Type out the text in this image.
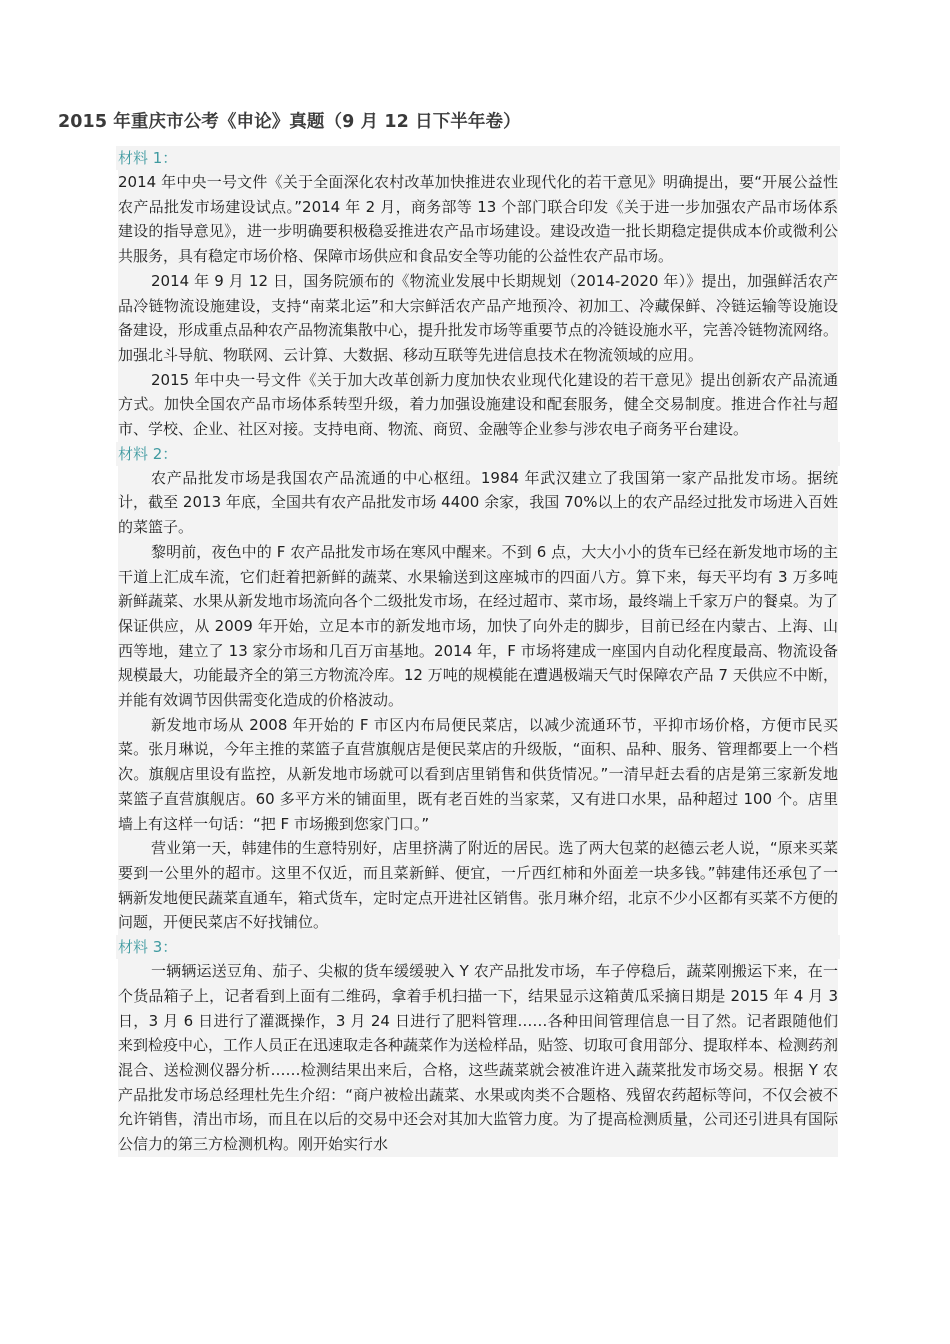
2015 年重庆市公考《申论》真题（9 月 12 日下半年卷）
材料 1：

2014 年中央一号文件《关于全面深化农村改革加快推进农业现代化的若干意见》明确提出，要“开展公益性农产品批发市场建设试点。”2014 年 2 月，商务部等 13 个部门联合印发《关于进一步加强农产品市场体系建设的指导意见》，进一步明确要积极稳妥推进农产品市场建设。建设改造一批长期稳定提供成本价或微利公共服务，具有稳定市场价格、保障市场供应和食品安全等功能的公益性农产品市场。

2014 年 9 月 12 日，国务院颁布的《物流业发展中长期规划（2014-2020 年）》提出，加强鲜活农产品冷链物流设施建设，支持“南菜北运”和大宗鲜活农产品产地预冷、初加工、冷藏保鲜、冷链运输等设施设备建设，形成重点品种农产品物流集散中心，提升批发市场等重要节点的冷链设施水平，完善冷链物流网络。加强北斗导航、物联网、云计算、大数据、移动互联等先进信息技术在物流领域的应用。

2015 年中央一号文件《关于加大改革创新力度加快农业现代化建设的若干意见》提出创新农产品流通方式。加快全国农产品市场体系转型升级，着力加强设施建设和配套服务，健全交易制度。推进合作社与超市、学校、企业、社区对接。支持电商、物流、商贸、金融等企业参与涉农电子商务平台建设。

材料 2：

农产品批发市场是我国农产品流通的中心枢纽。1984 年武汉建立了我国第一家产品批发市场。据统计，截至 2013 年底，全国共有农产品批发市场 4400 余家，我国 70%以上的农产品经过批发市场进入百姓的菜篮子。

黎明前，夜色中的 F 农产品批发市场在寒风中醒来。不到 6 点，大大小小的货车已经在新发地市场的主干道上汇成车流，它们赶着把新鲜的蔬菜、水果输送到这座城市的四面八方。算下来，每天平均有 3 万多吨新鲜蔬菜、水果从新发地市场流向各个二级批发市场，在经过超市、菜市场，最终端上千家万户的餐桌。为了保证供应，从 2009 年开始，立足本市的新发地市场，加快了向外走的脚步，目前已经在内蒙古、上海、山西等地，建立了 13 家分市场和几百万亩基地。2014 年，F 市场将建成一座国内自动化程度最高、物流设备规模最大，功能最齐全的第三方物流冷库。12 万吨的规模能在遭遇极端天气时保障农产品 7 天供应不中断，并能有效调节因供需变化造成的价格波动。

新发地市场从 2008 年开始的 F 市区内布局便民菜店，以减少流通环节，平抑市场价格，方便市民买菜。张月琳说，今年主推的菜篮子直营旗舰店是便民菜店的升级版，“面积、品种、服务、管理都要上一个档次。旗舰店里设有监控，从新发地市场就可以看到店里销售和供货情况。”一清早赶去看的店是第三家新发地菜篮子直营旗舰店。60 多平方米的铺面里，既有老百姓的当家菜，又有进口水果，品种超过 100 个。店里墙上有这样一句话：“把 F 市场搬到您家门口。”

营业第一天，韩建伟的生意特别好，店里挤满了附近的居民。选了两大包菜的赵德云老人说，“原来买菜要到一公里外的超市。这里不仅近，而且菜新鲜、便宜，一斤西红柿和外面差一块多钱。”韩建伟还承包了一辆新发地便民蔬菜直通车，箱式货车，定时定点开进社区销售。张月琳介绍，北京不少小区都有买菜不方便的问题，开便民菜店不好找铺位。

材料 3：

一辆辆运送豆角、茄子、尖椒的货车缓缓驶入 Y 农产品批发市场，车子停稳后，蔬菜刚搬运下来，在一个货品箱子上，记者看到上面有二维码，拿着手机扫描一下，结果显示这箱黄瓜采摘日期是 2015 年 4 月 3 日，3 月 6 日进行了灌溉操作，3 月 24 日进行了肥料管理……各种田间管理信息一目了然。记者跟随他们来到检疫中心，工作人员正在迅速取走各种蔬菜作为送检样品，贴签、切取可食用部分、提取样本、检测药剂混合、送检测仪器分析……检测结果出来后，合格，这些蔬菜就会被准许进入蔬菜批发市场交易。根据 Y 农产品批发市场总经理杜先生介绍：“商户被检出蔬菜、水果或肉类不合题格、残留农药超标等问，不仅会被不允许销售，清出市场，而且在以后的交易中还会对其加大监管力度。为了提高检测质量，公司还引进具有国际公信力的第三方检测机构。刚开始实行水
